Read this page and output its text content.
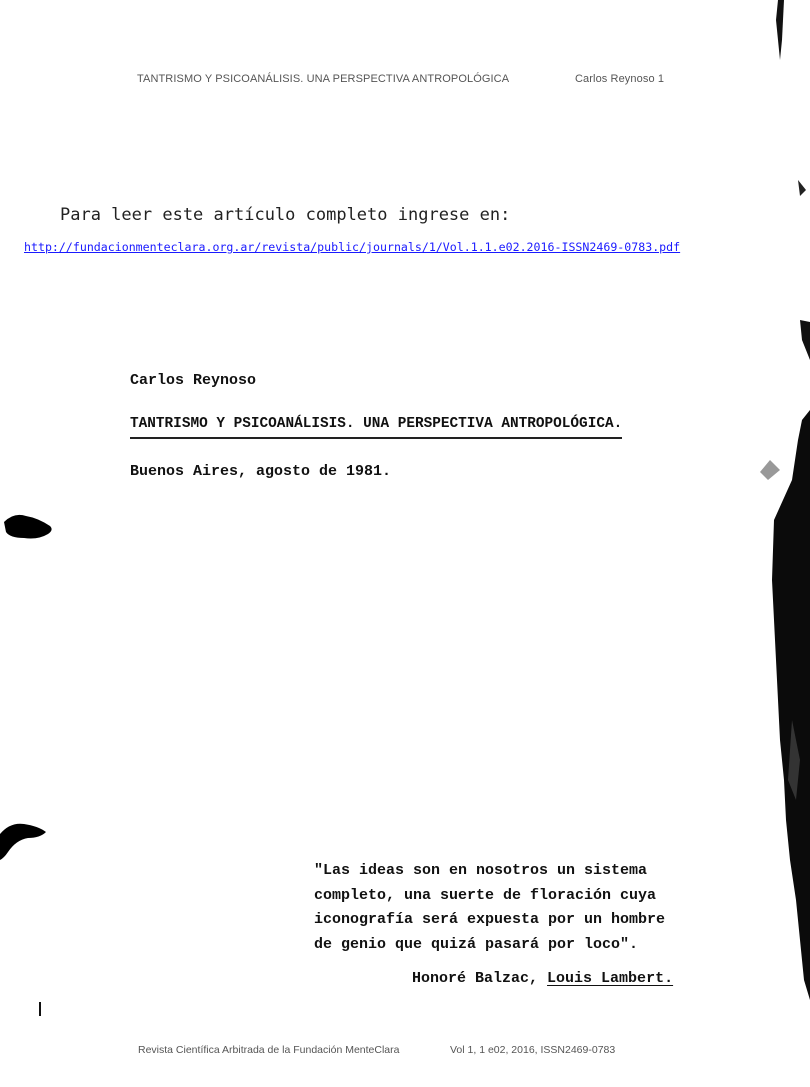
TANTRISMO Y PSICOANÁLISIS. UNA PERSPECTIVA ANTROPOLÓGICA	Carlos Reynoso 1
Para leer este artículo completo ingrese en:
http://fundacionmenteclara.org.ar/revista/public/journals/1/Vol.1.1.e02.2016-ISSN2469-0783.pdf
Carlos Reynoso
TANTRISMO Y PSICOANÁLISIS. UNA PERSPECTIVA ANTROPOLÓGICA.
Buenos Aires, agosto de 1981.
"Las ideas son en nosotros un sistema
completo, una suerte de floración cuya
iconografía será expuesta por un hombre
de genio que quizá pasará por loco".
Honoré Balzac, Louis Lambert.
Revista Científica Arbitrada de la Fundación MenteClara	Vol 1, 1 e02, 2016, ISSN2469-0783
